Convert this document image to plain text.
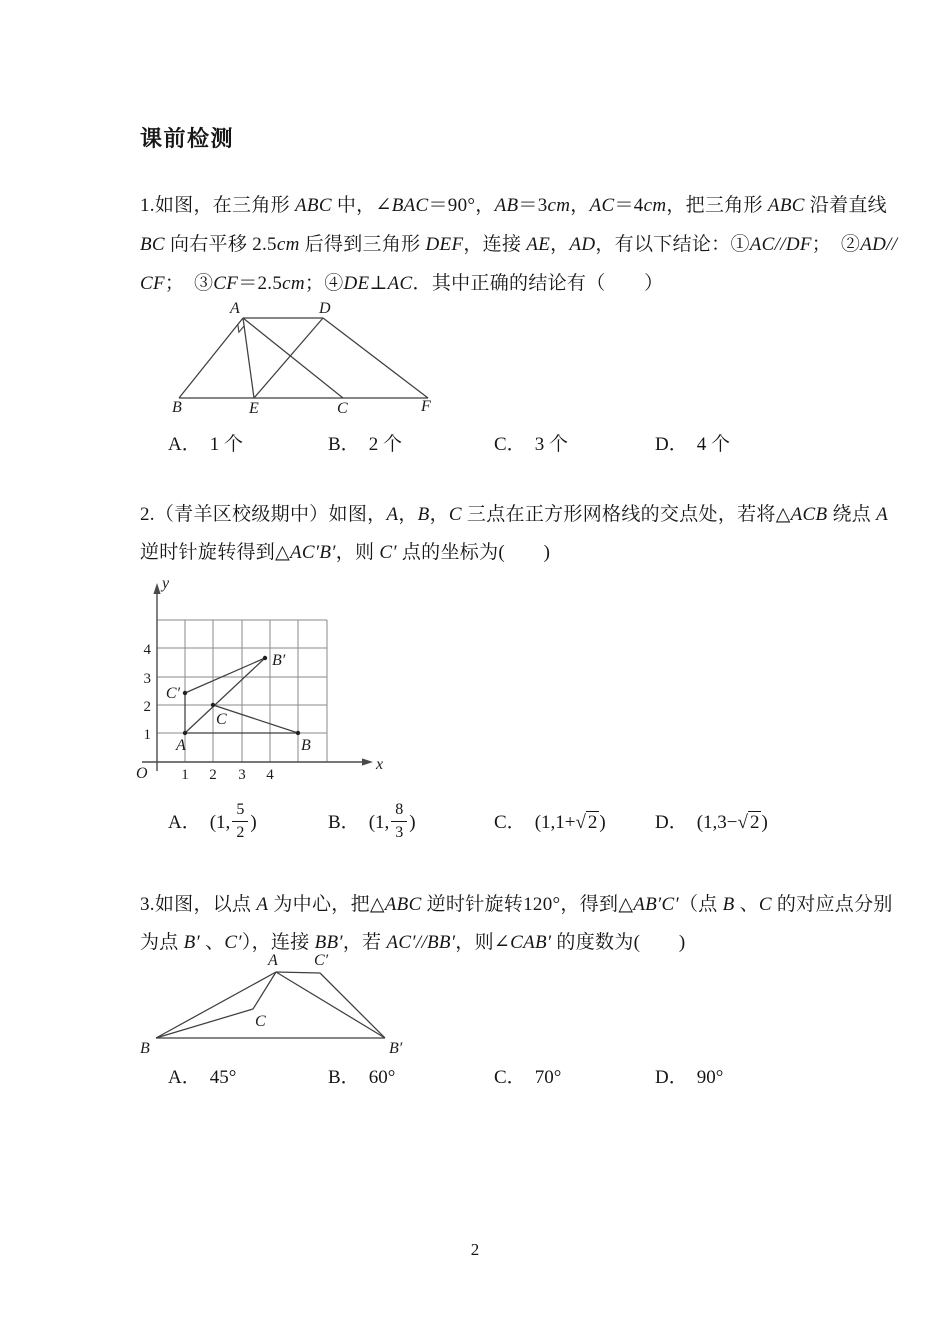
课前检测
1.如图，在三角形 ABC 中，∠BAC＝90°，AB＝3cm，AC＝4cm，把三角形 ABC 沿着直线
BC 向右平移 2.5cm 后得到三角形 DEF，连接 AE，AD，有以下结论：①AC//DF；　②AD//
CF；　③CF＝2.5cm；④DE⊥AC．其中正确的结论有（　　）
A	D
B	E	C	F
A． 1 个	B． 2 个	C． 3 个	D． 4 个
2.（青羊区校级期中）如图，A，B，C 三点在正方形网格线的交点处，若将△ACB 绕点 A
逆时针旋转得到△AC′B′，则 C′ 点的坐标为(　　)
O
x
y
1 2 3 4
4
3
2
1
A	B
C
C′
B′
A． (1, $\frac{5}{2}$ )	B． (1, $\frac{8}{3}$ )	C． (1,1+√ 2 )	D． (1,3−√ 2 )
3.如图，以点 A 为中心，把△ABC 逆时针旋转120°，得到△AB′C′（点 B 、C 的对应点分别
为点 B′ 、C′），连接 BB′，若 AC′//BB′，则∠CAB′ 的度数为(　　)
A C′
B	B′
C
A． 45°	B． 60°	C． 70°	D． 90°
2
